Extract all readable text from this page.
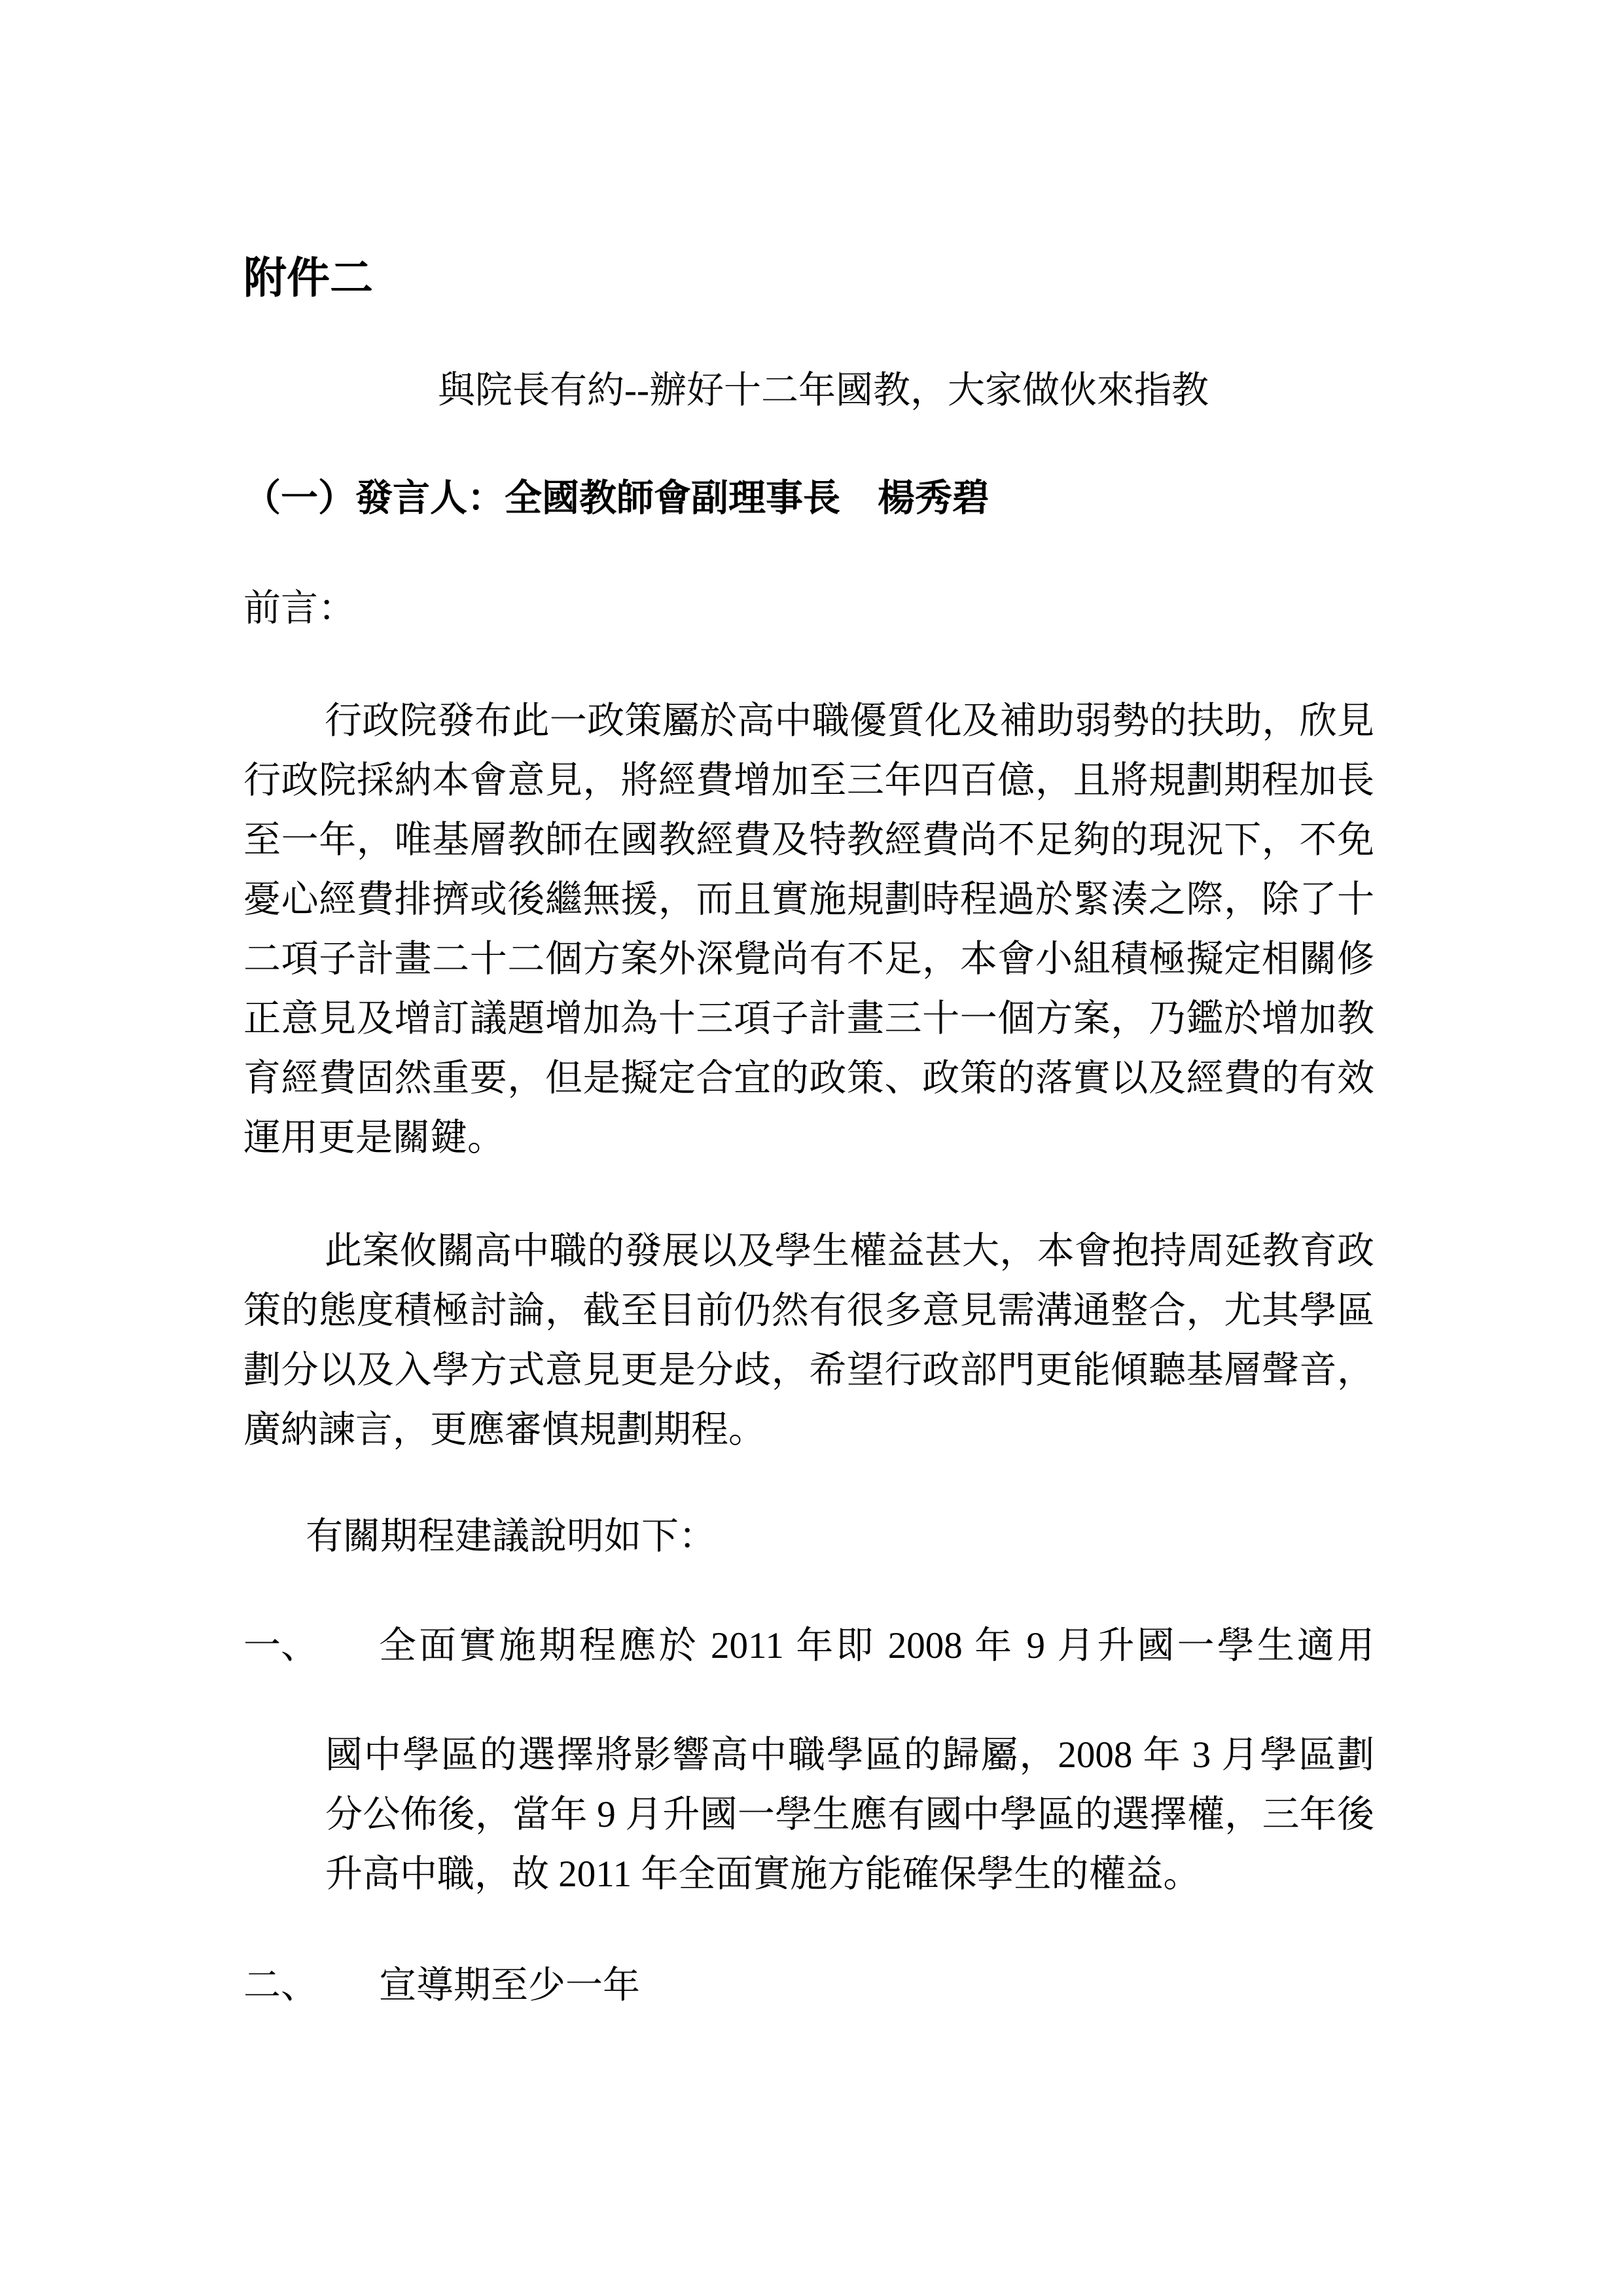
附件二
與院長有約--辦好十二年國教，大家做伙來指教
（一）發言人：全國教師會副理事長　楊秀碧
前言：
行政院發布此一政策屬於高中職優質化及補助弱勢的扶助，欣見
行政院採納本會意見，將經費增加至三年四百億，且將規劃期程加長
至一年，唯基層教師在國教經費及特教經費尚不足夠的現況下，不免
憂心經費排擠或後繼無援，而且實施規劃時程過於緊湊之際，除了十
二項子計畫二十二個方案外深覺尚有不足，本會小組積極擬定相關修
正意見及增訂議題增加為十三項子計畫三十一個方案，乃鑑於增加教
育經費固然重要，但是擬定合宜的政策、政策的落實以及經費的有效
運用更是關鍵。
此案攸關高中職的發展以及學生權益甚大，本會抱持周延教育政
策的態度積極討論，截至目前仍然有很多意見需溝通整合，尤其學區
劃分以及入學方式意見更是分歧，希望行政部門更能傾聽基層聲音，
廣納諫言，更應審慎規劃期程。
有關期程建議說明如下：
一、	全面實施期程應於 2011 年即 2008 年 9 月升國一學生適用
國中學區的選擇將影響高中職學區的歸屬，2008 年 3 月學區劃
分公佈後，當年 9 月升國一學生應有國中學區的選擇權，三年後
升高中職，故 2011 年全面實施方能確保學生的權益。
二、	宣導期至少一年
